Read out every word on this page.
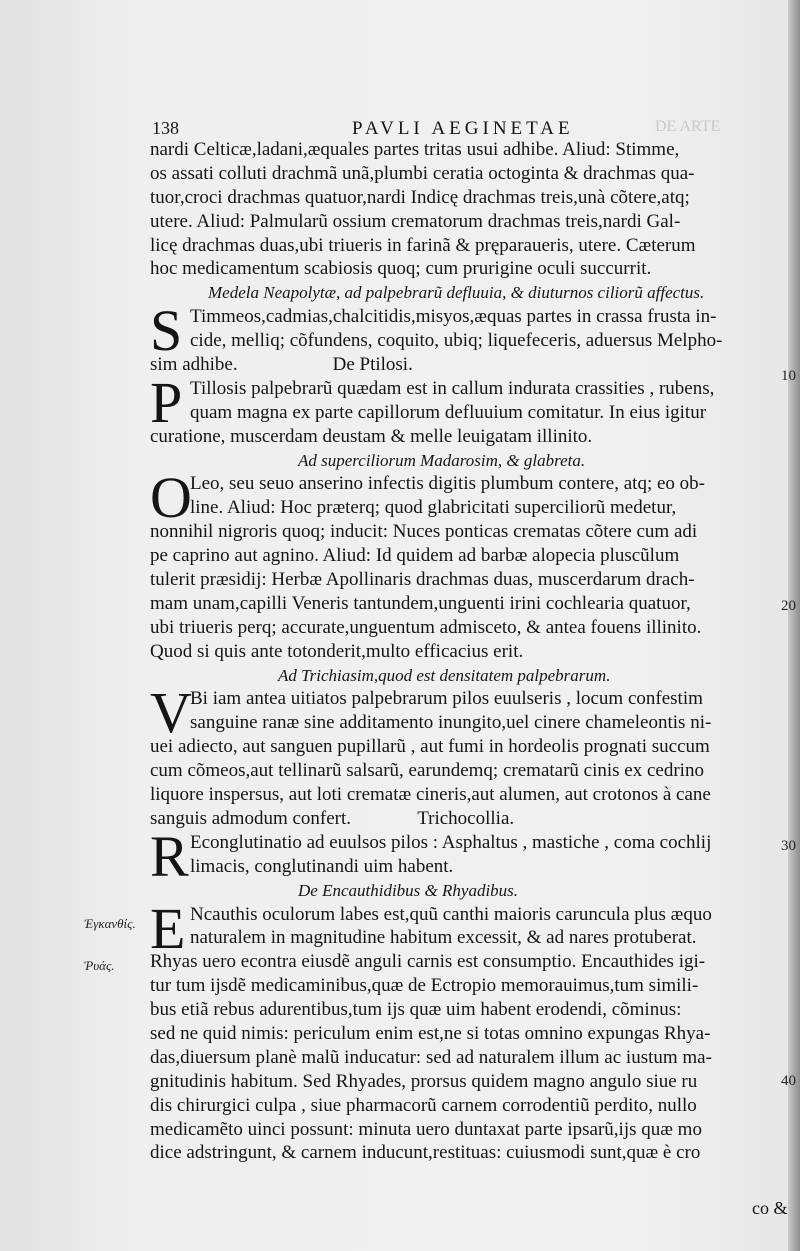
138	PAVLI AEGINETAE	DE ARTE
nardi Celticæ,ladani,æquales partes tritas usui adhibe. Aliud: Stimme,
os assati colluti drachmã unã,plumbi ceratia octoginta & drachmas qua-
tuor,croci drachmas quatuor,nardi Indicę drachmas treis,unà cõtere,atq;
utere. Aliud: Palmularũ ossium crematorum drachmas treis,nardi Gal-
licę drachmas duas,ubi triueris in farinã & pręparaueris, utere. Cæterum
hoc medicamentum scabiosis quoq; cum prurigine oculi succurrit.
Medela Neapolytæ, ad palpebrarũ defluuia, & diuturnos ciliorũ affectus.
S Timmeos,cadmias,chalcitidis,misyos,æquas partes in crassa frusta in-
cide, melliq; cõfundens, coquito, ubiq; liquefeceris, aduersus Melpho-
sim adhibe.                    De Ptilosi.
P Tillosis palpebrarũ quædam est in callum indurata crassities , rubens,
quam magna ex parte capillorum defluuium comitatur. In eius igitur
curatione, muscerdam deustam & melle leuigatam illinito.
Ad superciliorum Madarosim, & glabreta.
O
Leo, seu seuo anserino infectis digitis plumbum contere, atq; eo ob-
line. Aliud: Hoc præterq; quod glabricitati superciliorũ medetur,
nonnihil nigroris quoq; inducit: Nuces ponticas crematas cõtere cum adi
pe caprino aut agnino. Aliud: Id quidem ad barbæ alopecia pluscũlum
tulerit præsidij: Herbæ Apollinaris drachmas duas, muscerdarum drach-
mam unam,capilli Veneris tantundem,unguenti irini cochlearia quatuor,
ubi triueris perq; accurate,unguentum admisceto, & antea fouens illinito.
Quod si quis ante totonderit,multo efficacius erit.
Ad Trichiasim,quod est densitatem palpebrarum.
V
Bi iam antea uitiatos palpebrarum pilos euulseris , locum confestim
sanguine ranæ sine additamento inungito,uel cinere chameleontis ni-
uei adiecto, aut sanguen pupillarũ , aut fumi in hordeolis prognati succum
cum cõmeos,aut tellinarũ salsarũ, earundemq; crematarũ cinis ex cedrino
liquore inspersus, aut loti crematæ cineris,aut alumen, aut crotonos à cane
sanguis admodum confert.              Trichocollia.
R Econglutinatio ad euulsos pilos : Asphaltus , mastiche , coma cochlij
limacis, conglutinandi uim habent.
De Encauthidibus & Rhyadibus.
E Ncauthis oculorum labes est,quũ canthi maioris caruncula plus æquo
naturalem in magnitudine habitum excessit, & ad nares protuberat.
Rhyas uero econtra eiusdẽ anguli carnis est consumptio. Encauthides igi-
tur tum ijsdẽ medicaminibus,quæ de Ectropio memorauimus,tum simili-
bus etiã rebus adurentibus,tum ijs quæ uim habent erodendi, cõminus:
sed ne quid nimis: periculum enim est,ne si totas omnino expungas Rhya-
das,diuersum planè malũ inducatur: sed ad naturalem illum ac iustum ma-
gnitudinis habitum. Sed Rhyades, prorsus quidem magno angulo siue ru
dis chirurgici culpa , siue pharmacorũ carnem corrodentiũ perdito, nullo
medicamẽto uinci possunt: minuta uero duntaxat parte ipsarũ,ijs quæ mo
dice adstringunt, & carnem inducunt,restituas: cuiusmodi sunt,quæ è cro
10
20
30
40
Ἐγκανθίς.
Ῥυάς.
co &
